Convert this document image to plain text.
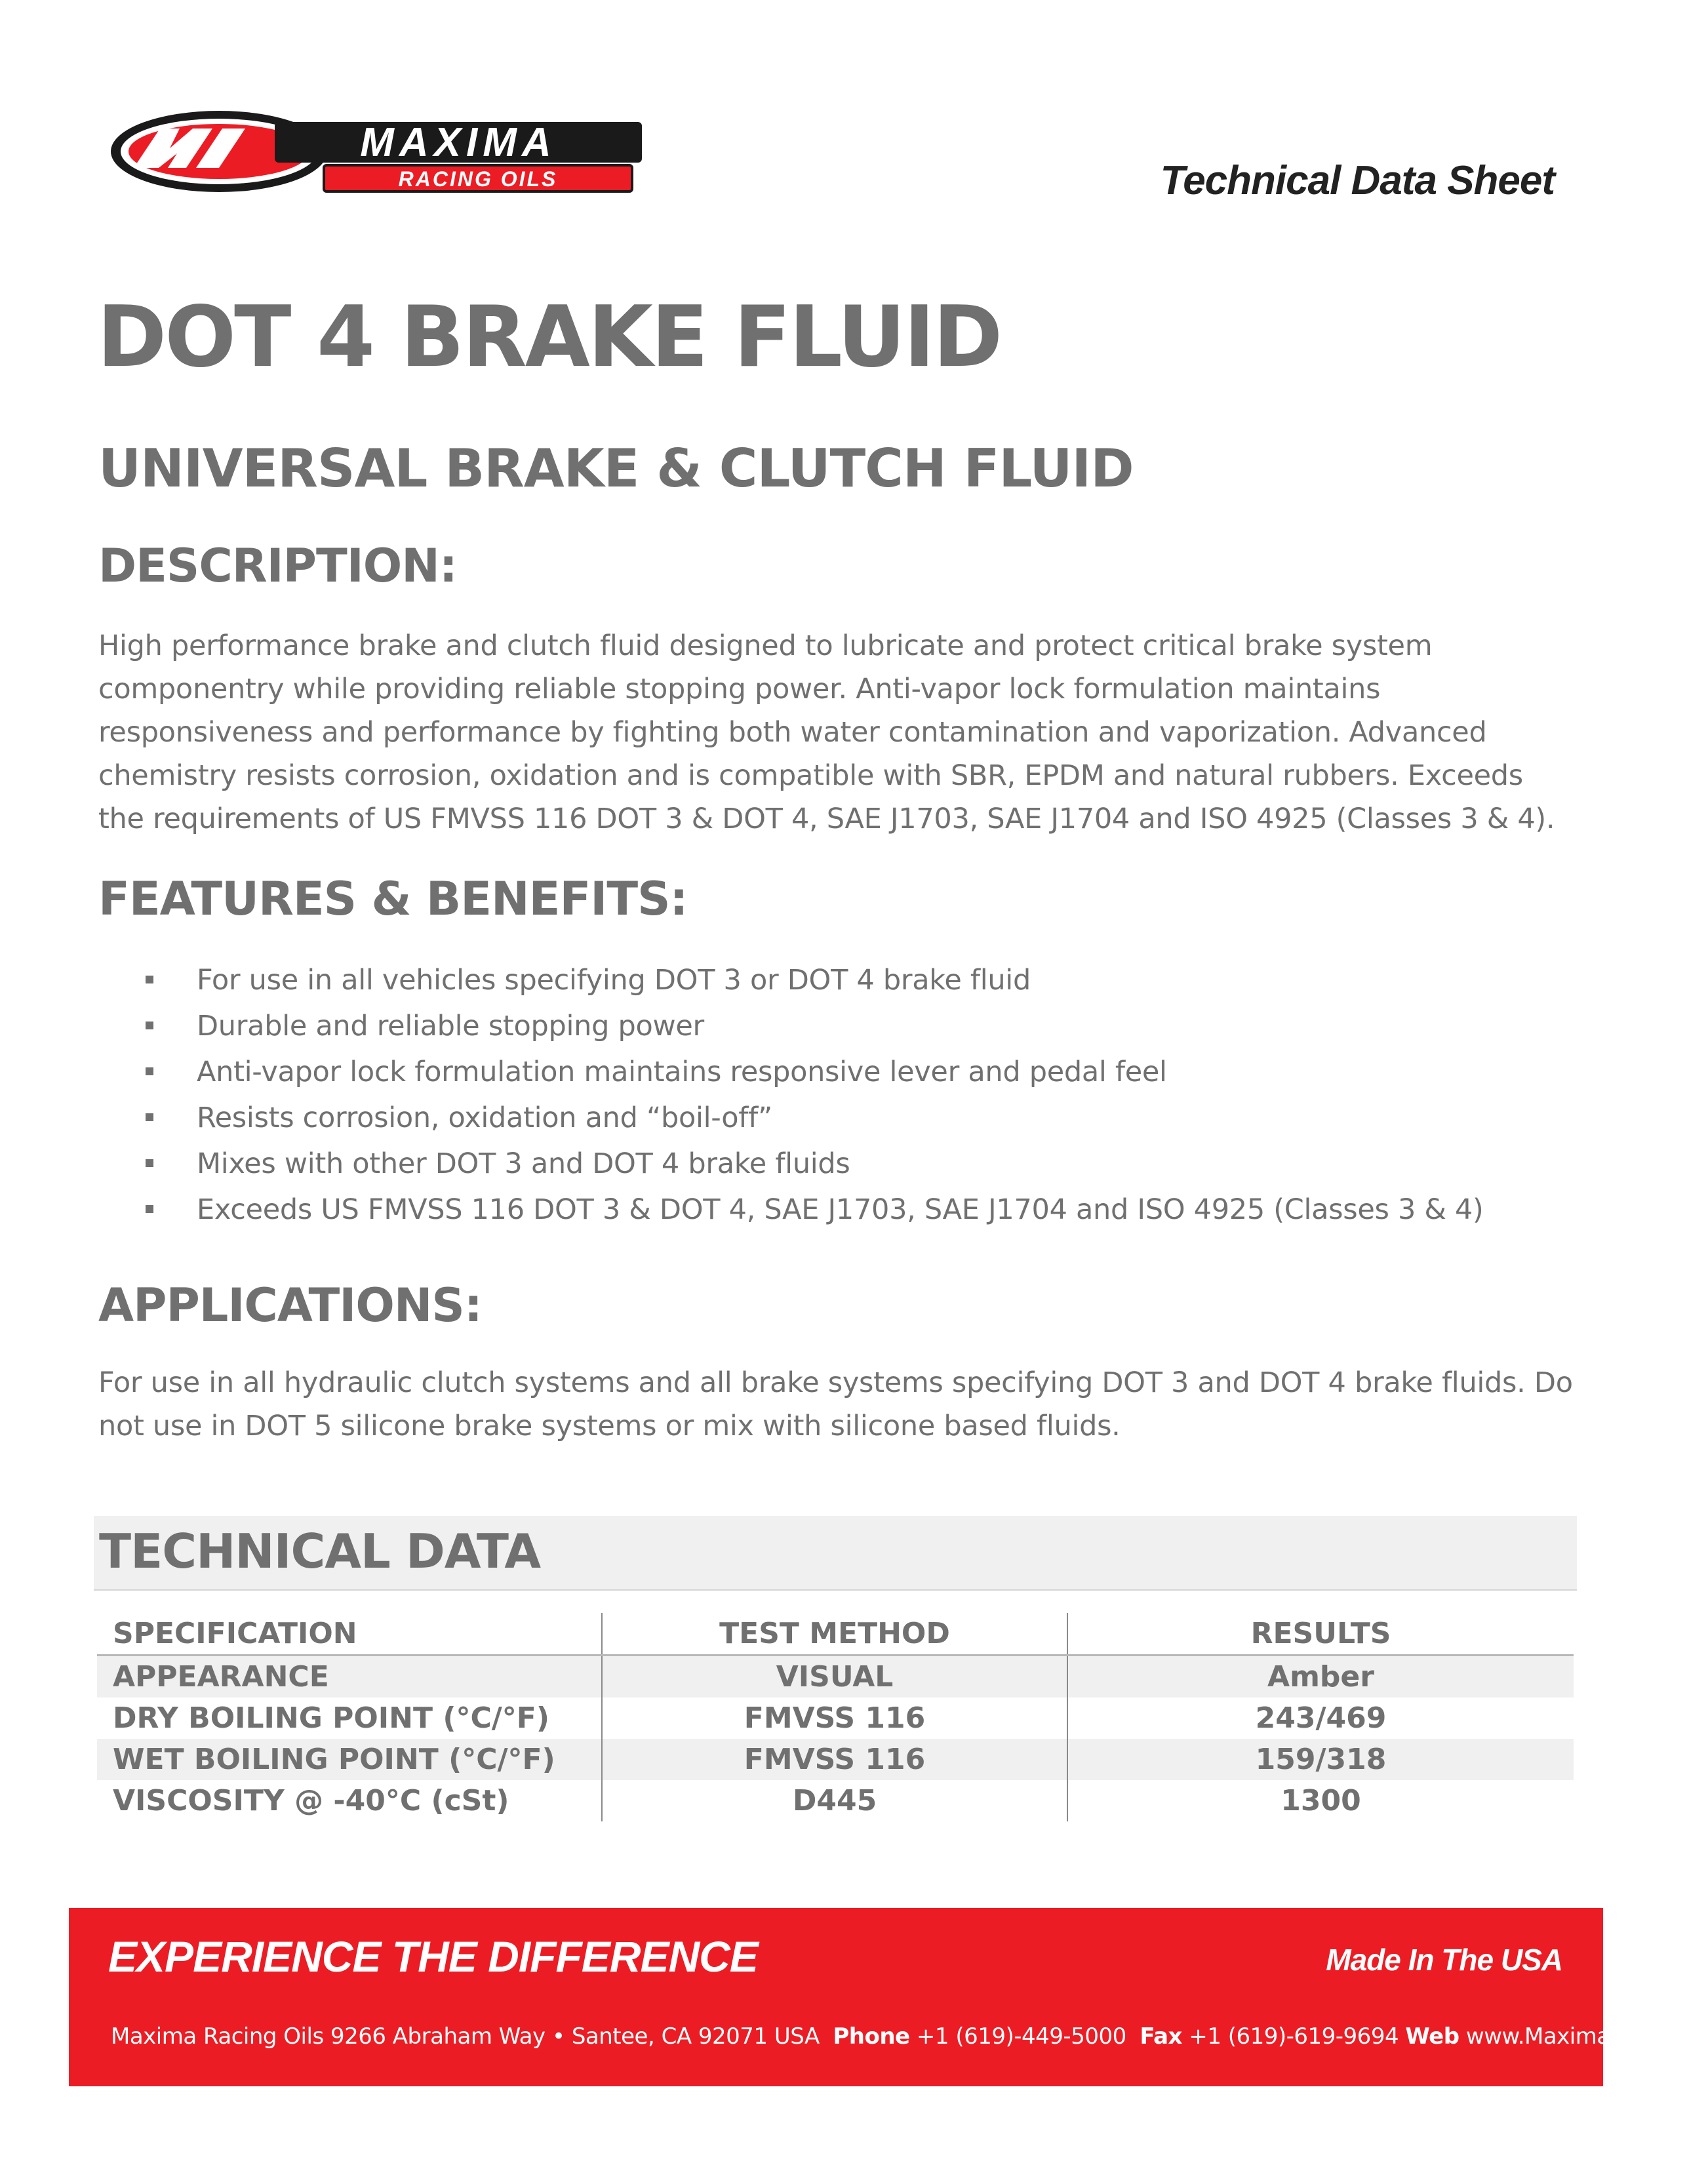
MAXIMA
RACING OILS	Technical Data Sheet
DOT 4 BRAKE FLUID
UNIVERSAL BRAKE & CLUTCH FLUID
DESCRIPTION:
High performance brake and clutch fluid designed to lubricate and protect critical brake system componentry while providing reliable stopping power. Anti-vapor lock formulation maintains responsiveness and performance by fighting both water contamination and vaporization. Advanced chemistry resists corrosion, oxidation and is compatible with SBR, EPDM and natural rubbers. Exceeds the requirements of US FMVSS 116 DOT 3 & DOT 4, SAE J1703, SAE J1704 and ISO 4925 (Classes 3 & 4).
FEATURES & BENEFITS:
For use in all vehicles specifying DOT 3 or DOT 4 brake fluid
Durable and reliable stopping power
Anti-vapor lock formulation maintains responsive lever and pedal feel
Resists corrosion, oxidation and “boil-off”
Mixes with other DOT 3 and DOT 4 brake fluids
Exceeds US FMVSS 116 DOT 3 & DOT 4, SAE J1703, SAE J1704 and ISO 4925 (Classes 3 & 4)
APPLICATIONS:
For use in all hydraulic clutch systems and all brake systems specifying DOT 3 and DOT 4 brake fluids. Do not use in DOT 5 silicone brake systems or mix with silicone based fluids.
TECHNICAL DATA
SPECIFICATION	TEST METHOD	RESULTS
APPEARANCE	VISUAL	Amber
DRY BOILING POINT (°C/°F)	FMVSS 116	243/469
WET BOILING POINT (°C/°F)	FMVSS 116	159/318
VISCOSITY @ -40°C (cSt)	D445	1300
EXPERIENCE THE DIFFERENCE	Made In The USA
Maxima Racing Oils 9266 Abraham Way • Santee, CA 92071 USA Phone +1 (619)-449-5000 Fax +1 (619)-619-9694 Web www.MaximaUSA.com
